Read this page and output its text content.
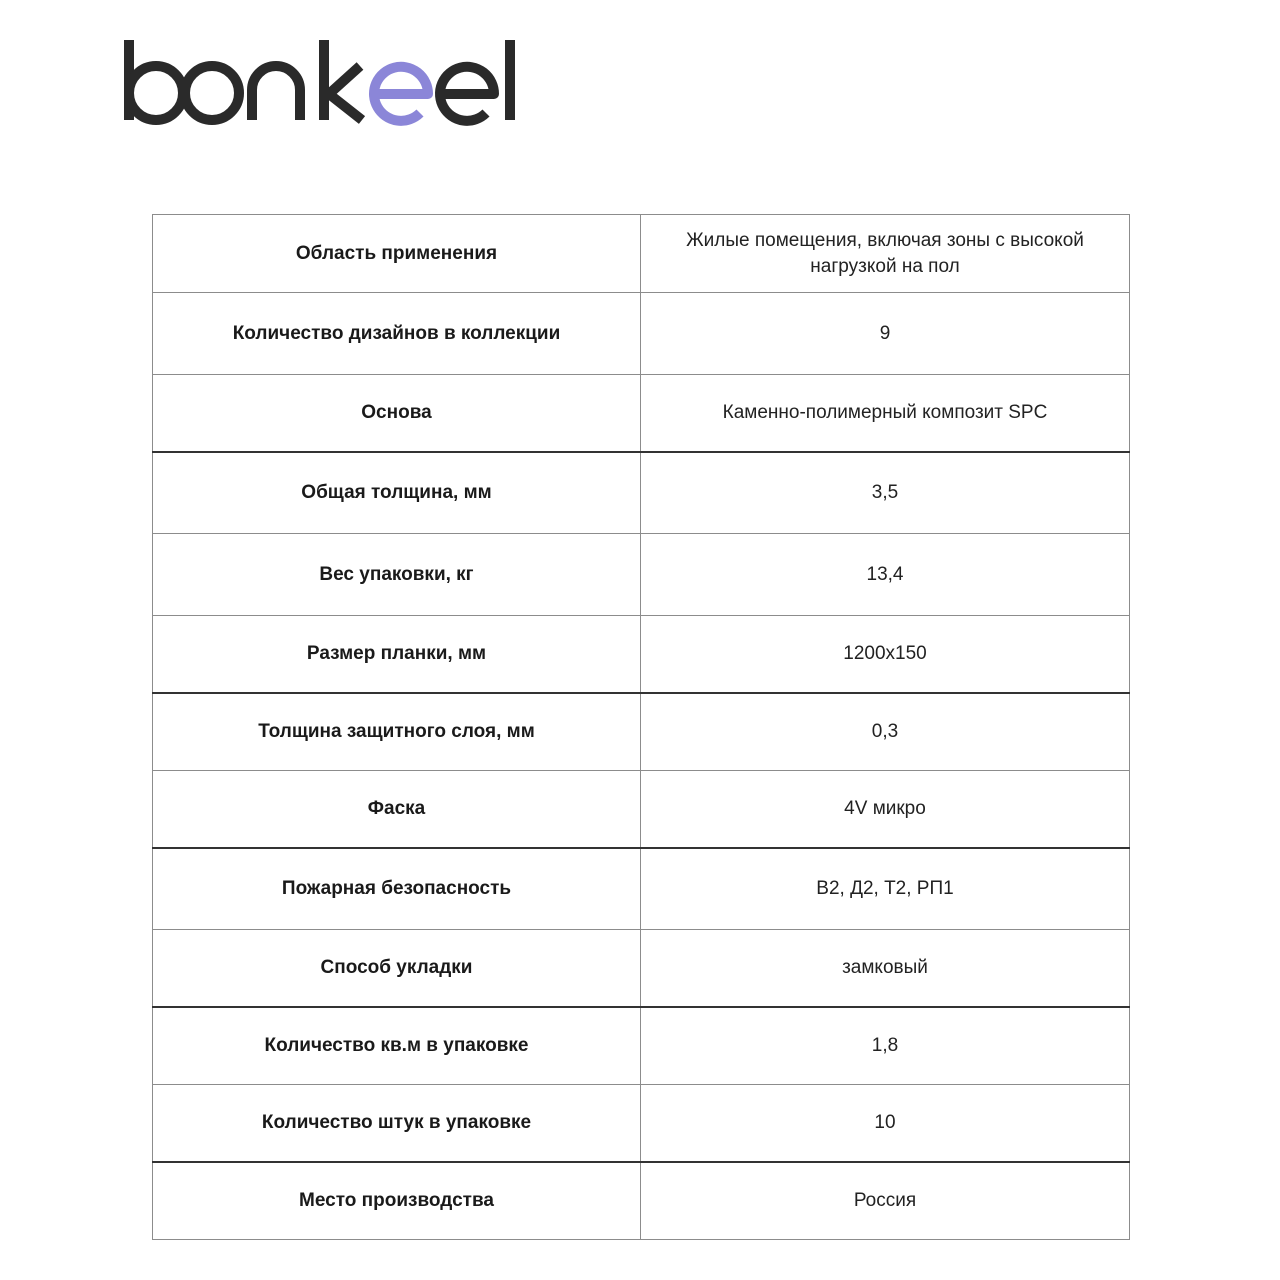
Область применения	Жилые помещения, включая зоны с высокой нагрузкой на пол
Количество дизайнов в коллекции	9
Основа	Каменно-полимерный композит SPC
Общая толщина, мм	3,5
Вес упаковки, кг	13,4
Размер планки, мм	1200х150
Толщина защитного слоя, мм	0,3
Фаска	4V микро
Пожарная безопасность	В2, Д2, Т2, РП1
Способ укладки	замковый
Количество кв.м в упаковке	1,8
Количество штук в упаковке	10
Место производства	Россия
